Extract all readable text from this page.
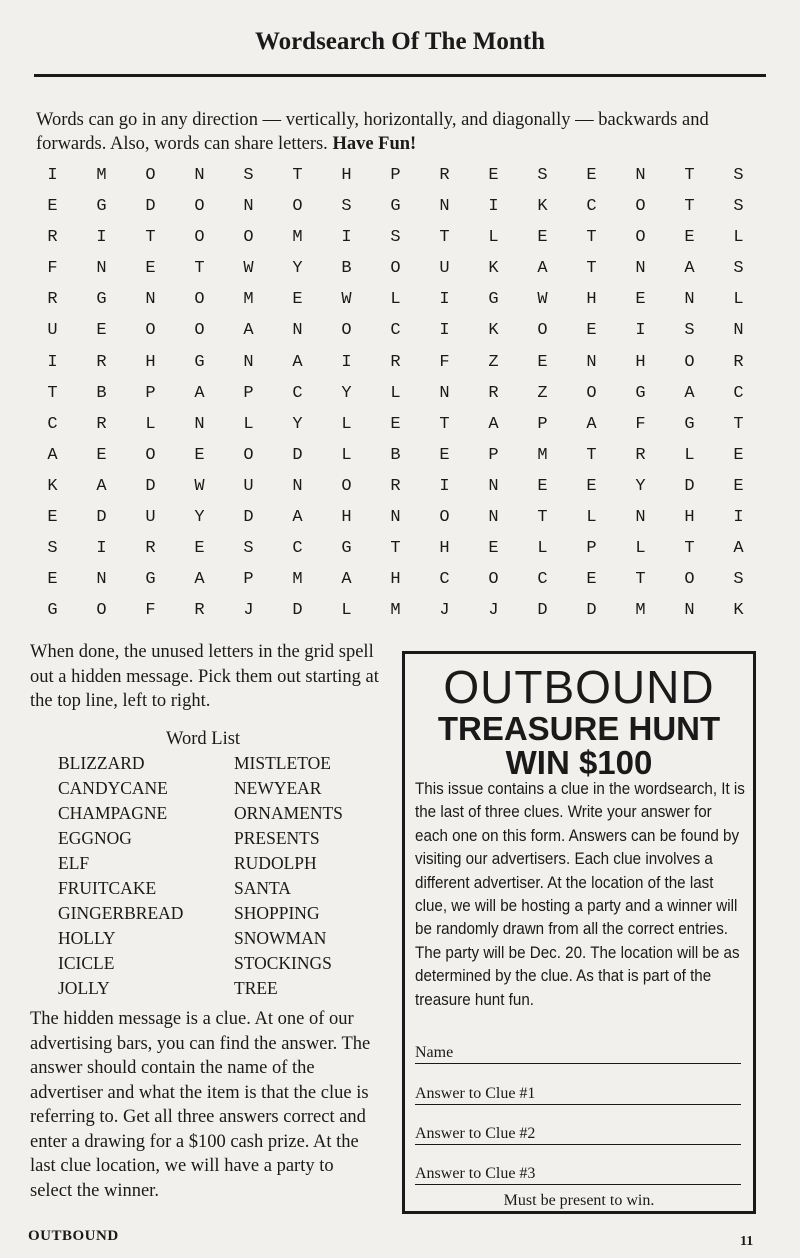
Wordsearch Of The Month
Words can go in any direction — vertically, horizontally, and diagonally — backwards and forwards. Also, words can share letters. Have Fun!
I	M	O	N	S	T	H	P	R	E	S	E	N	T	S
E	G	D	O	N	O	S	G	N	I	K	C	O	T	S
R	I	T	O	O	M	I	S	T	L	E	T	O	E	L
F	N	E	T	W	Y	B	O	U	K	A	T	N	A	S
R	G	N	O	M	E	W	L	I	G	W	H	E	N	L
U	E	O	O	A	N	O	C	I	K	O	E	I	S	N
I	R	H	G	N	A	I	R	F	Z	E	N	H	O	R
T	B	P	A	P	C	Y	L	N	R	Z	O	G	A	C
C	R	L	N	L	Y	L	E	T	A	P	A	F	G	T
A	E	O	E	O	D	L	B	E	P	M	T	R	L	E
K	A	D	W	U	N	O	R	I	N	E	E	Y	D	E
E	D	U	Y	D	A	H	N	O	N	T	L	N	H	I
S	I	R	E	S	C	G	T	H	E	L	P	L	T	A
E	N	G	A	P	M	A	H	C	O	C	E	T	O	S
G	O	F	R	J	D	L	M	J	J	D	D	M	N	K
When done, the unused letters in the grid spell out a hidden message. Pick them out starting at the top line, left to right.
Word List
BLIZZARD
CANDYCANE
CHAMPAGNE
EGGNOG
ELF
FRUITCAKE
GINGERBREAD
HOLLY
ICICLE
JOLLY
MISTLETOE
NEWYEAR
ORNAMENTS
PRESENTS
RUDOLPH
SANTA
SHOPPING
SNOWMAN
STOCKINGS
TREE
The hidden message is a clue. At one of our advertising bars, you can find the answer. The answer should contain the name of the advertiser and what the item is that the clue is referring to. Get all three answers correct and enter a drawing for a $100 cash prize. At the last clue location, we will have a party to select the winner.
OUTBOUND
TREASURE HUNT
WIN $100
This issue contains a clue in the wordsearch, It is the last of three clues. Write your answer for each one on this form. Answers can be found by visiting our advertisers. Each clue involves a different advertiser. At the location of the last clue, we will be hosting a party and a winner will be randomly drawn from all the correct entries. The party will be Dec. 20. The location will be as determined by the clue. As that is part of the treasure hunt fun.
Name
Answer to Clue #1
Answer to Clue #2
Answer to Clue #3
Must be present to win.
OUTBOUND	11
